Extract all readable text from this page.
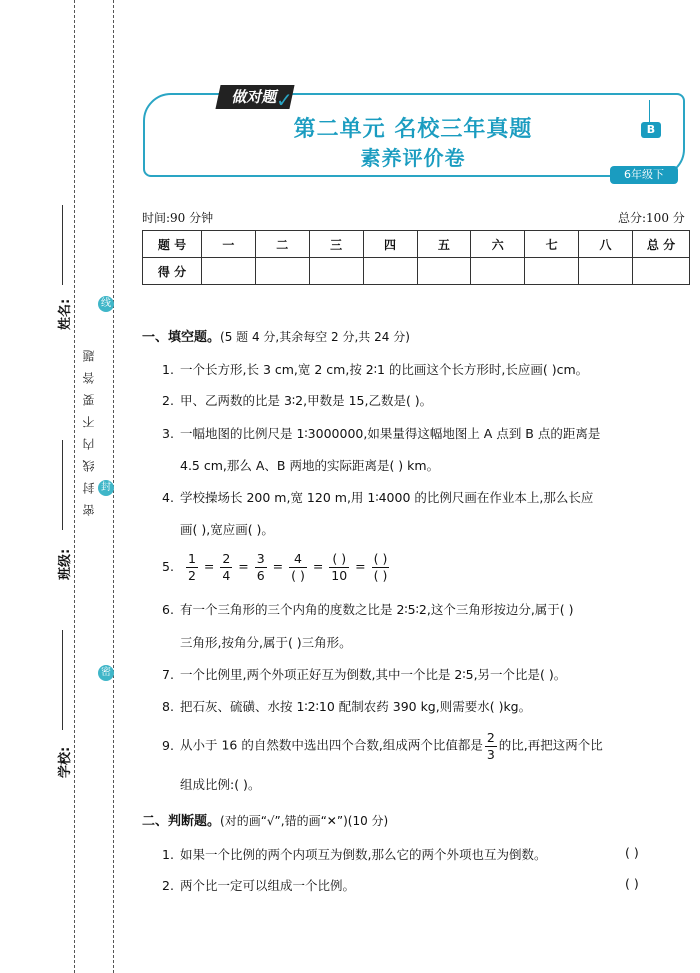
姓名:
班级:
学校:
密封线内不要答题
线
封
密
做对题
✓
第二单元 名校三年真题
素养评价卷
B
6年级下
时间:90 分钟	总分:100 分
题 号	一	二	三	四	五	六	七	八	总 分
得 分									
一、填空题。(5 题 4 分,其余每空 2 分,共 24 分)
1. 一个长方形,长 3 cm,宽 2 cm,按 2∶1 的比画这个长方形时,长应画( )cm。
2. 甲、乙两数的比是 3∶2,甲数是 15,乙数是( )。
3. 一幅地图的比例尺是 1∶3000000,如果量得这幅地图上 A 点到 B 点的距离是
4.5 cm,那么 A、B 两地的实际距离是( ) km。
4. 学校操场长 200 m,宽 120 m,用 1∶4000 的比例尺画在作业本上,那么长应
画( ),宽应画( )。
5. $\frac{1}{2} = \frac{2}{4} = \frac{3}{6} = \frac{4}{( )} = \frac{( )}{10} = \frac{( )}{( )}$
6. 有一个三角形的三个内角的度数之比是 2∶5∶2,这个三角形按边分,属于( )
三角形,按角分,属于( )三角形。
7. 一个比例里,两个外项正好互为倒数,其中一个比是 2∶5,另一个比是( )。
8. 把石灰、硫磺、水按 1∶2∶10 配制农药 390 kg,则需要水( )kg。
9. 从小于 16 的自然数中选出四个合数,组成两个比值都是 $\frac{2}{3}$ 的比,再把这两个比
组成比例:( )。
二、判断题。(对的画“√”,错的画“✕”)(10 分)
1. 如果一个比例的两个内项互为倒数,那么它的两个外项也互为倒数。	( )
2. 两个比一定可以组成一个比例。	( )
